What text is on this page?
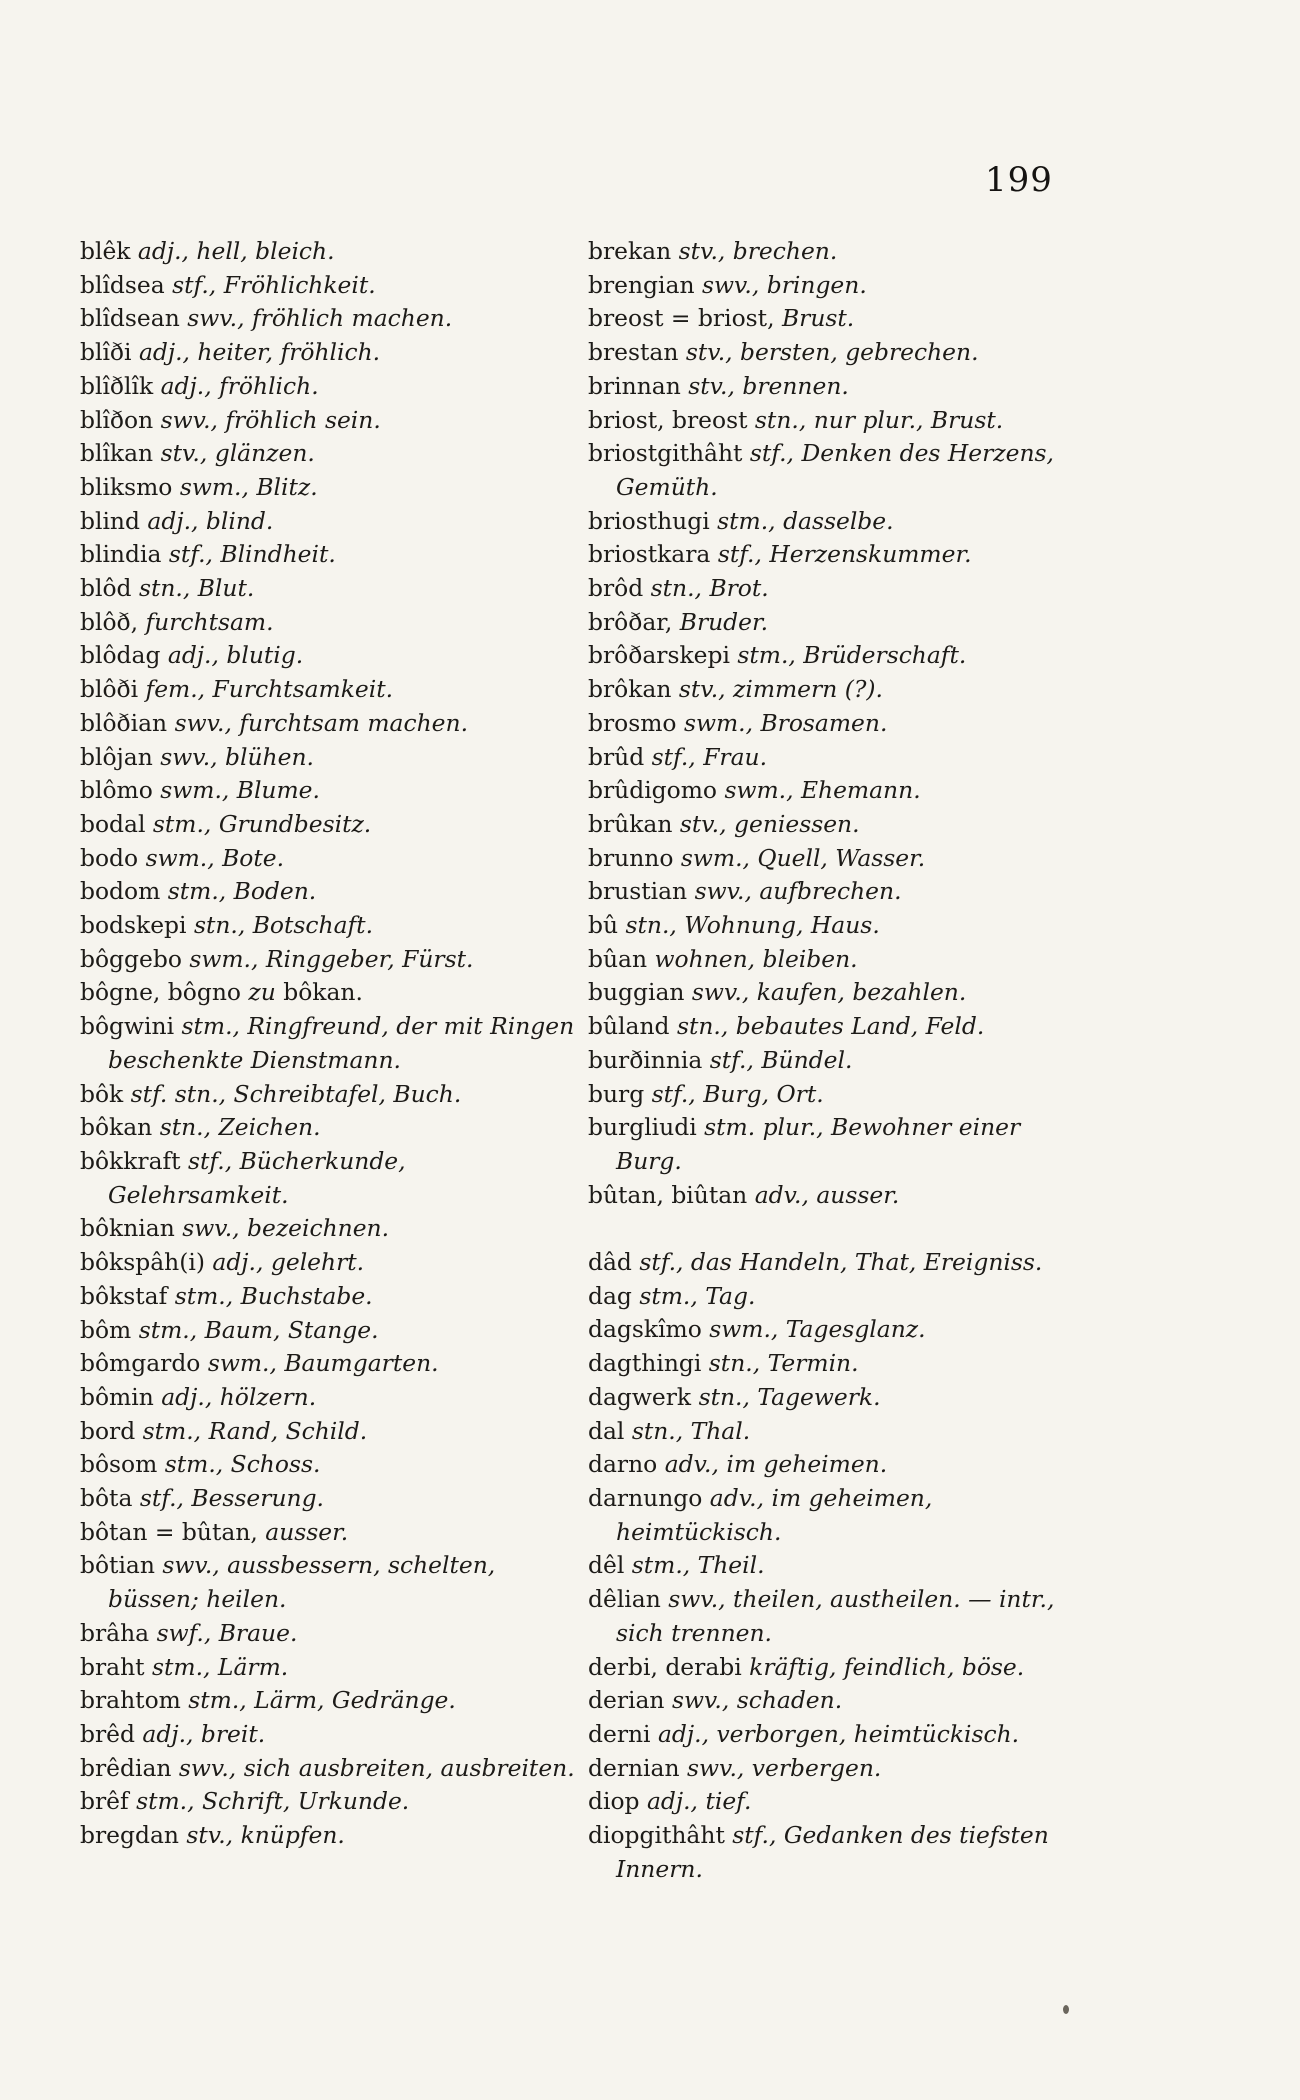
199

blêk adj., hell, bleich.

blîdsea stf., Fröhlichkeit.

blîdsean swv., fröhlich machen.

blîði adj., heiter, fröhlich.

blîðlîk adj., fröhlich.

blîðon swv., fröhlich sein.

blîkan stv., glänzen.

bliksmo swm., Blitz.

blind adj., blind.

blindia stf., Blindheit.

blôd stn., Blut.

blôð, furchtsam.

blôdag adj., blutig.

blôði fem., Furchtsamkeit.

blôðian swv., furchtsam machen.

blôjan swv., blühen.

blômo swm., Blume.

bodal stm., Grundbesitz.

bodo swm., Bote.

bodom stm., Boden.

bodskepi stn., Botschaft.

bôggebo swm., Ringgeber, Fürst.

bôgne, bôgno zu bôkan.

bôgwini stm., Ringfreund, der mit Ringen beschenkte Dienstmann.

bôk stf. stn., Schreibtafel, Buch.

bôkan stn., Zeichen.

bôkkraft stf., Bücherkunde, Gelehrsamkeit.

bôknian swv., bezeichnen.

bôkspâh(i) adj., gelehrt.

bôkstaf stm., Buchstabe.

bôm stm., Baum, Stange.

bômgardo swm., Baumgarten.

bômin adj., hölzern.

bord stm., Rand, Schild.

bôsom stm., Schoss.

bôta stf., Besserung.

bôtan = bûtan, ausser.

bôtian swv., aussbessern, schelten, büssen; heilen.

brâha swf., Braue.

braht stm., Lärm.

brahtom stm., Lärm, Gedränge.

brêd adj., breit.

brêdian swv., sich ausbreiten, ausbreiten.

brêf stm., Schrift, Urkunde.

bregdan stv., knüpfen.

brekan stv., brechen.

brengian swv., bringen.

breost = briost, Brust.

brestan stv., bersten, gebrechen.

brinnan stv., brennen.

briost, breost stn., nur plur., Brust.

briostgithâht stf., Denken des Herzens, Gemüth.

briosthugi stm., dasselbe.

briostkara stf., Herzenskummer.

brôd stn., Brot.

brôðar, Bruder.

brôðarskepi stm., Brüderschaft.

brôkan stv., zimmern (?).

brosmo swm., Brosamen.

brûd stf., Frau.

brûdigomo swm., Ehemann.

brûkan stv., geniessen.

brunno swm., Quell, Wasser.

brustian swv., aufbrechen.

bû stn., Wohnung, Haus.

bûan wohnen, bleiben.

buggian swv., kaufen, bezahlen.

bûland stn., bebautes Land, Feld.

burðinnia stf., Bündel.

burg stf., Burg, Ort.

burgliudi stm. plur., Bewohner einer Burg.

bûtan, biûtan adv., ausser.

dâd stf., das Handeln, That, Ereigniss.

dag stm., Tag.

dagskîmo swm., Tagesglanz.

dagthingi stn., Termin.

dagwerk stn., Tagewerk.

dal stn., Thal.

darno adv., im geheimen.

darnungo adv., im geheimen, heimtückisch.

dêl stm., Theil.

dêlian swv., theilen, austheilen. — intr., sich trennen.

derbi, derabi kräftig, feindlich, böse.

derian swv., schaden.

derni adj., verborgen, heimtückisch.

dernian swv., verbergen.

diop adj., tief.

diopgithâht stf., Gedanken des tiefsten Innern.
